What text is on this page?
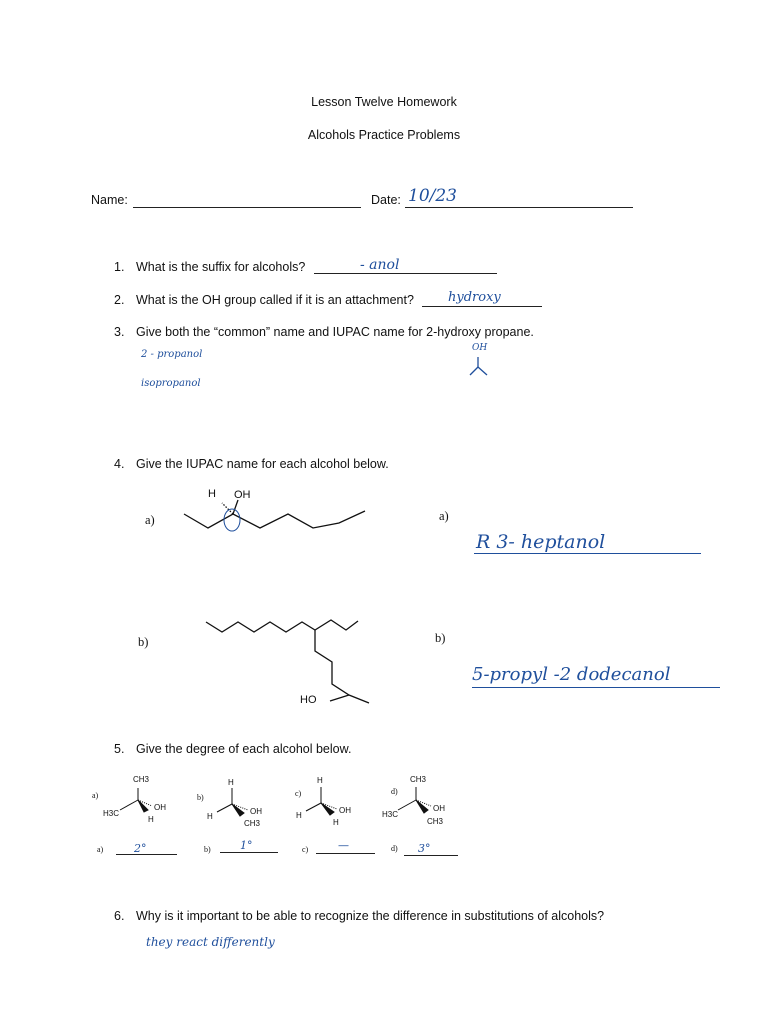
Lesson Twelve Homework
Alcohols Practice Problems
Name:	Date: 10/23
1. What is the suffix for alcohols?	- anol
2. What is the OH group called if it is an attachment?	hydroxy
3. Give both the “common” name and IUPAC name for 2-hydroxy propane.
2 - propanol
isopropanol
OH
4. Give the IUPAC name for each alcohol below.
a)
H OH
a)
R 3- heptanol
b)
HO
b)
5-propyl -2 dodecanol
5. Give the degree of each alcohol below.
a)
CH3
H3C
OH
H
b)
H
H
OH
CH3
c)
H
H
OH
H
d)
CH3
H3C
OH
CH3
a)	2°	b)	1°	c)	—	d) 3°
6. Why is it important to be able to recognize the difference in substitutions of alcohols?
they react differently
